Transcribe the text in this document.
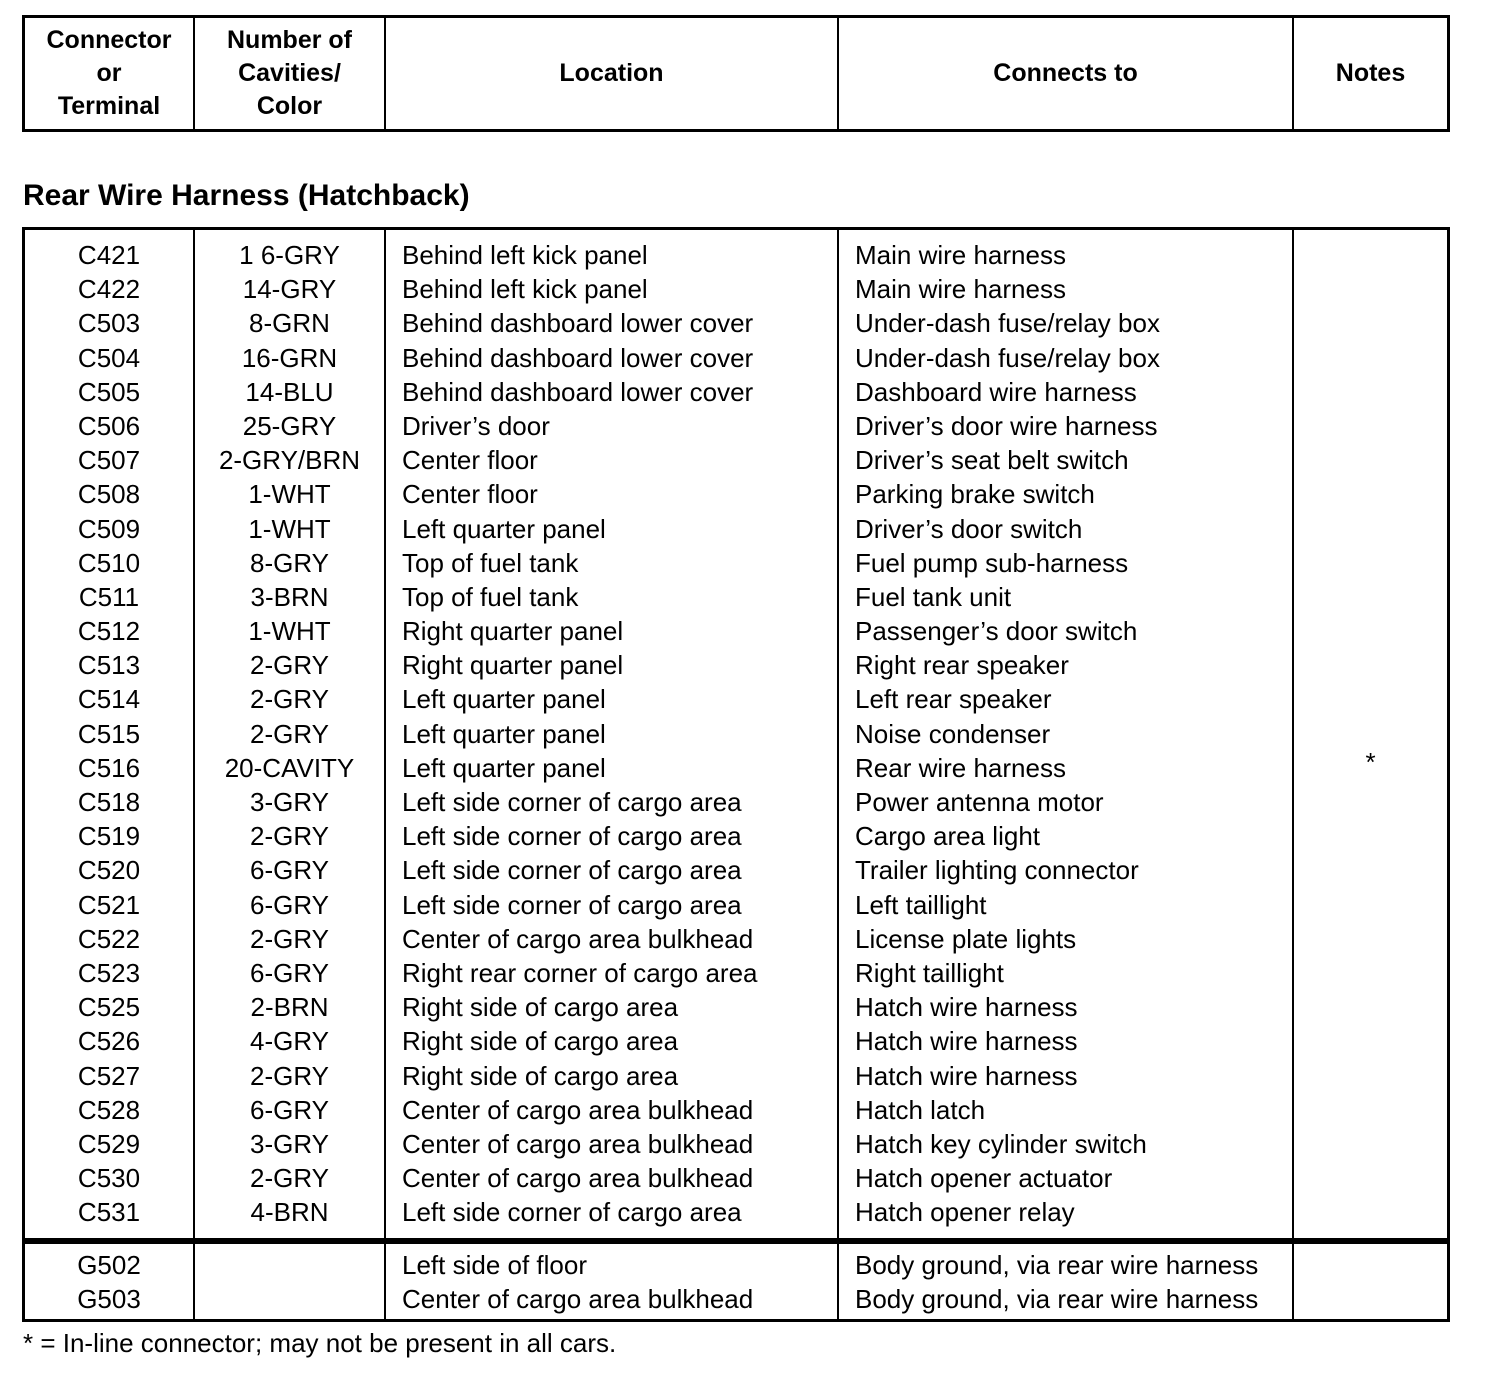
Connector
or
Terminal
Number of
Cavities/
Color
Location	Connects to	Notes
Rear Wire Harness (Hatchback)
C421
C422
C503
C504
C505
C506
C507
C508
C509
C510
C511
C512
C513
C514
C515
C516
C518
C519
C520
C521
C522
C523
C525
C526
C527
C528
C529
C530
C531
1 6-GRY
14-GRY
8-GRN
16-GRN
14-BLU
25-GRY
2-GRY/BRN
1-WHT
1-WHT
8-GRY
3-BRN
1-WHT
2-GRY
2-GRY
2-GRY
20-CAVITY
3-GRY
2-GRY
6-GRY
6-GRY
2-GRY
6-GRY
2-BRN
4-GRY
2-GRY
6-GRY
3-GRY
2-GRY
4-BRN
Behind left kick panel
Behind left kick panel
Behind dashboard lower cover
Behind dashboard lower cover
Behind dashboard lower cover
Driver’s door
Center floor
Center floor
Left quarter panel
Top of fuel tank
Top of fuel tank
Right quarter panel
Right quarter panel
Left quarter panel
Left quarter panel
Left quarter panel
Left side corner of cargo area
Left side corner of cargo area
Left side corner of cargo area
Left side corner of cargo area
Center of cargo area bulkhead
Right rear corner of cargo area
Right side of cargo area
Right side of cargo area
Right side of cargo area
Center of cargo area bulkhead
Center of cargo area bulkhead
Center of cargo area bulkhead
Left side corner of cargo area
Main wire harness
Main wire harness
Under-dash fuse/relay box
Under-dash fuse/relay box
Dashboard wire harness
Driver’s door wire harness
Driver’s seat belt switch
Parking brake switch
Driver’s door switch
Fuel pump sub-harness
Fuel tank unit
Passenger’s door switch
Right rear speaker
Left rear speaker
Noise condenser
Rear wire harness
Power antenna motor
Cargo area light
Trailer lighting connector
Left taillight
License plate lights
Right taillight
Hatch wire harness
Hatch wire harness
Hatch wire harness
Hatch latch
Hatch key cylinder switch
Hatch opener actuator
Hatch opener relay
*
G502
G503
Left side of floor
Center of cargo area bulkhead
Body ground, via rear wire harness
Body ground, via rear wire harness

* = In-line connector; may not be present in all cars.
